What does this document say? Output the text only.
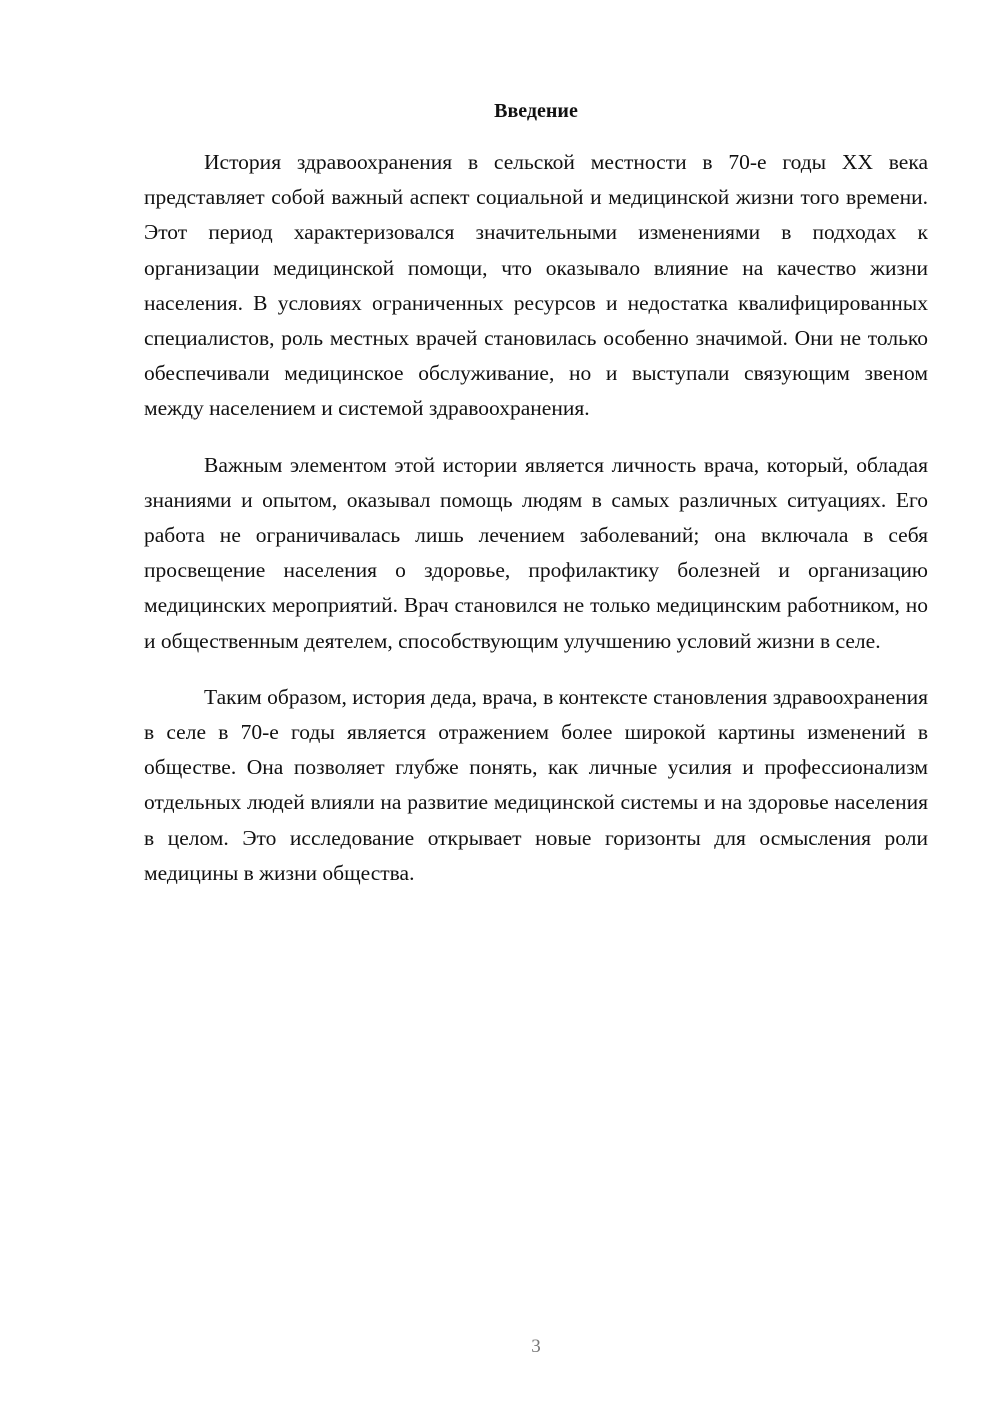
Введение

История здравоохранения в сельской местности в 70-е годы XX века представляет собой важный аспект социальной и медицинской жизни того времени. Этот период характеризовался значительными изменениями в подходах к организации медицинской помощи, что оказывало влияние на качество жизни населения. В условиях ограниченных ресурсов и недостатка квалифицированных специалистов, роль местных врачей становилась особенно значимой. Они не только обеспечивали медицинское обслуживание, но и выступали связующим звеном между населением и системой здравоохранения.

Важным элементом этой истории является личность врача, который, обладая знаниями и опытом, оказывал помощь людям в самых различных ситуациях. Его работа не ограничивалась лишь лечением заболеваний; она включала в себя просвещение населения о здоровье, профилактику болезней и организацию медицинских мероприятий. Врач становился не только медицинским работником, но и общественным деятелем, способствующим улучшению условий жизни в селе.

Таким образом, история деда, врача, в контексте становления здравоохранения в селе в 70-е годы является отражением более широкой картины изменений в обществе. Она позволяет глубже понять, как личные усилия и профессионализм отдельных людей влияли на развитие медицинской системы и на здоровье населения в целом. Это исследование открывает новые горизонты для осмысления роли медицины в жизни общества.

3
